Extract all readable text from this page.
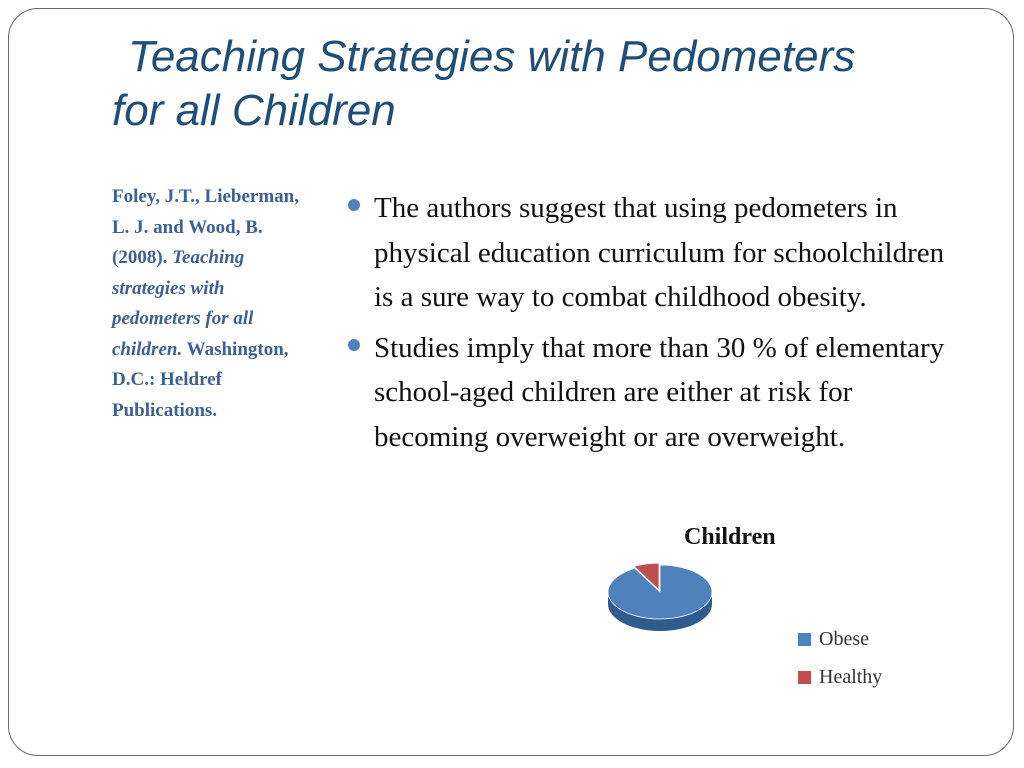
Teaching Strategies with Pedometers
for all Children
Foley, J.T., Lieberman, L. J. and Wood, B. (2008). Teaching strategies with pedometers for all children. Washington, D.C.: Heldref Publications.
The authors suggest that using pedometers in physical education curriculum for schoolchildren is a sure way to combat childhood obesity.
Studies imply that more than 30 % of elementary school-aged children are either at risk for becoming overweight or are overweight.
Children
Obese
Healthy
